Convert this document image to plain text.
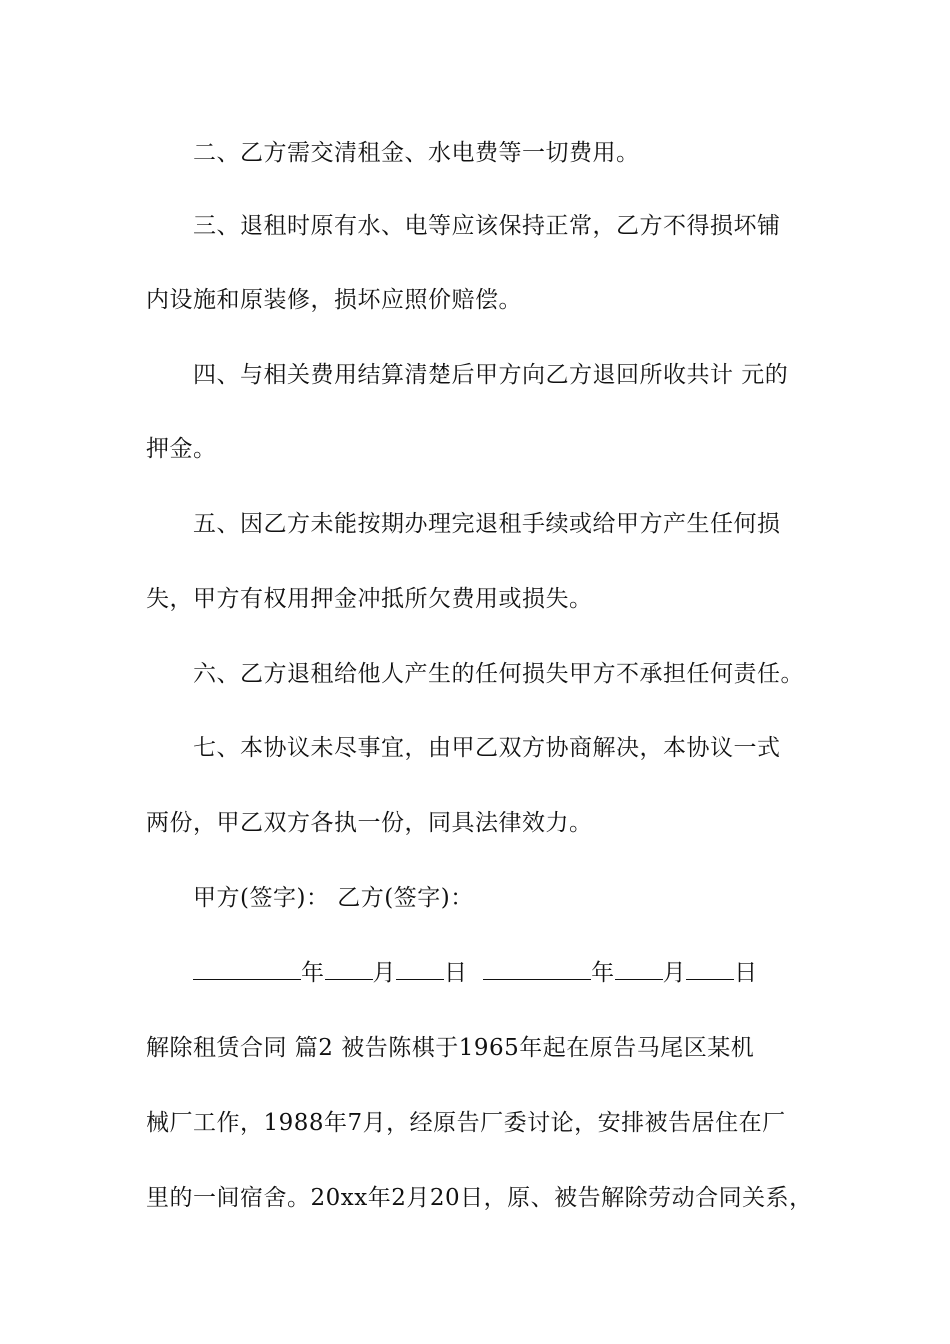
二、乙方需交清租金、水电费等一切费用。
三、退租时原有水、电等应该保持正常，乙方不得损坏铺
内设施和原装修，损坏应照价赔偿。
四、与相关费用结算清楚后甲方向乙方退回所收共计 元的
押金。
五、因乙方未能按期办理完退租手续或给甲方产生任何损
失，甲方有权用押金冲抵所欠费用或损失。
六、乙方退租给他人产生的任何损失甲方不承担任何责任。
七、本协议未尽事宜，由甲乙双方协商解决，本协议一式
两份，甲乙双方各执一份，同具法律效力。
甲方(签字)： 乙方(签字)：
年 月 日	年 月 日
解除租赁合同 篇2 被告陈棋于1965年起在原告马尾区某机
械厂工作，1988年7月，经原告厂委讨论，安排被告居住在厂
里的一间宿舍。20xx年2月20日，原、被告解除劳动合同关系，
